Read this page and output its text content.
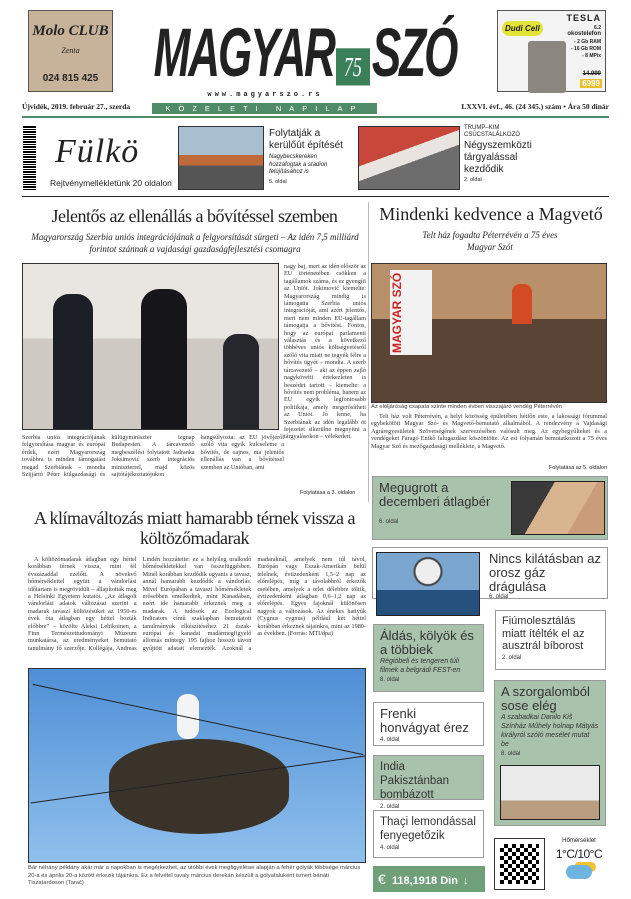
Molo CLUB
Zenta
024 815 425	MAGYAR 75 SZÓ	Dudi Cell
TESLA
6.2
okostelefon
- 2 Gb RAM
- 16 Gb ROM
- 8 MPix
14.999
6999
www.magyarszo.rs
Újvidék, 2019. február 27., szerda	KÖZELETI NAPILAP	LXXVI. évf., 46. (24 345.) szám • Ára 50 dinár
Fülkö
Rejtvénymellékletünk 20 oldalon
Folytatják a kerülőút építését
Nagybecskereken hozzáfogtak a stadion felújításához is
5. oldal
TRUMP–KIM CSÚCSTALÁLKOZÓ
Négyszemközti tárgyalással kezdődik
2. oldal
Jelentős az ellenállás a bővítéssel szemben
Magyarország Szerbia uniós integrációjának a felgyorsítását sürgeti – Az idén 7,5 milliárd forintot szánnak a vajdasági gazdaságfejlesztési csomagra
nagy baj, mert az idén először az EU történetében csökken a tagállamok száma, és ez gyengíti az Uniót. Jokimović kiemelte: Magyarország mindig is támogatta Szerbia uniós integrációját, ami azért jelentős, mert nem minden EU-tagállam támogatja a bővítést. Fontos, hogy az európai parlamenti választás és a következő többéves uniós költségvetésről szóló vita miatt ne tegyék félre a bővítés ügyét – mondta. A szerb tárcavezető – aki az éppen zajló nagykövetti értekezleten is beszédet tartott – kiemelte: a bővítés nem probléma, hanem az EU egyik legfontosabb politikája, amely megerősítheti az Uniót. Jó lenne, ha Szerbiának az idén legalább öt fejezetet sikerülne megnyitni a tárgyalásokon – vélekedett.
Szerbia uniós integrációjának felgyorsítása magyar és európai érdek, ezért Magyarország továbbra is minden támogatást megad Szerbiának – mondta Szijjártó Péter külgazdasági és külügyminiszter tegnap Budapesten. A tárcavezető megbeszélést folytatott Jadranka Joksimović szerb integrációs miniszterrel, majd közös sajtótájékoztatójukon hangsúlyozta: az EU jövőjéről szóló vita egyik kulcseleme a bővítés, de sajnos, ma jelentős ellenállás van a bővítéssel szemben az Unióban, ami
Folytatása a 3. oldalon
Mindenki kedvence a Magvető
Telt ház fogadta Péterrévén a 75 éves Magyar Szót
MAGYAR SZÓ
Az elöljáróság csapata szinte minden évben visszajáró vendég Péterrévén
Telt ház volt Péterrévén, a helyi közösség épületében hétfőn este, a lakossági fórummal egybekötött Magyar Szó- és Magvető-bemutató alkalmából. A rendezvény a Vajdasági Agráregyesületek Szövetségének szervezésében valósult meg. Az egybegyűlteket és a vendégeket Faragó Enikő falugazdász köszöntötte. Az est folyamán bemutatkozott a 75 éves Magyar Szó és mezőgazdasági melléklete, a Magvető.
Folytatása az 5. oldalon
Megugrott a decemberi átlagbér
6. oldal
Nincs kilátásban az orosz gáz drágulása
6. oldal
Áldás, kölyök és a többiek
Régióbeli és tengeren túli filmek a belgrádi FEST-en
8. oldal
Fiúmolesztálás miatt ítélték el az ausztrál bíborost
2. oldal
A szorgalomból sose elég
A szabadkai Danilo Kiš Színház Műhely holnap Mátyás királyról szóló mesélet mutat be
8. oldal
Frenki honvágyat érez
4. oldal
India Pakisztánban bombázott
2. oldal
Thaçi lemondással fenyegetőzik
4. oldal
€ 118,1918 Din ↓
Hőmérséklet
1°C/10°C
A klímaváltozás miatt hamarabb térnek vissza a költözőmadarak
A költözőmadarak átlagban egy héttel korábban térnek vissza, mint fél évszázaddal ezelőtt. A növekvő hőmérséklettel együtt a vándorlási időtartam is megrövidült – állapították meg a Helsinki Egyetem kutatói. „Az átlagolt vándorlási adatok változásai szerint a madarak tavaszi költözésüket az 1950-es évek óta átlagban egy héttel hozták előbbre” – közölte Aleksi Lehikoinen, a Finn Természettudományi Múzeum munkatársa, az eredményeket bemutató tanulmány fő szerzője. Kollégája, Andreas Lindén hozzátette: ez a helyileg uralkodó hőmérsékletekkel van összefüggésben. Minél korábban kezdődik ugyanis a tavasz, annál hamarabb kezdődik a vándorlás. Mivel Európában a tavaszi hőmérsékletek erősebben emelkedtek, mint Kanadában, ezért ide hamarabb érkeznek meg a madarak. A tudósok az Ecological Indicators című szaklapban bemutatott tanulmányuk elkészítéséhez 21 észak-európai és kanadai madármegfigyelő állomás mintegy 195 fajhoz hosszú távon gyűjtött adatait elemezték. Azoknál a madaraknál, amelyek nem túl távol, Európán vagy Észak-Amerikán belül telelnek, évtizedenként 1,5–2 nap az előrelépés, míg a távolabbról érkezők esetében, amelyek a telet délebbre töltik, évtizedenként átlagban 0,6–1,2 nap az előrelépés. Egyes fajoknál különösen nagyok a változások. Az énekes hattyúk (Cygnus cygnus) például két héttel korábban érkeznek tájainkra, mint az 1980-as években. (Forrás: MTI/dpa)
Bár néhány példány akár már a napokban is megérkezhet, az utóbbi évek megfigyelései alapján a fehér gólyák többsége március 20-a és április 20-a között érkezik tájainkra. Ez a felvétel tavaly március derekán készült a gólyafaluként ismert bánáti Tiszatardoson (Tarač)
